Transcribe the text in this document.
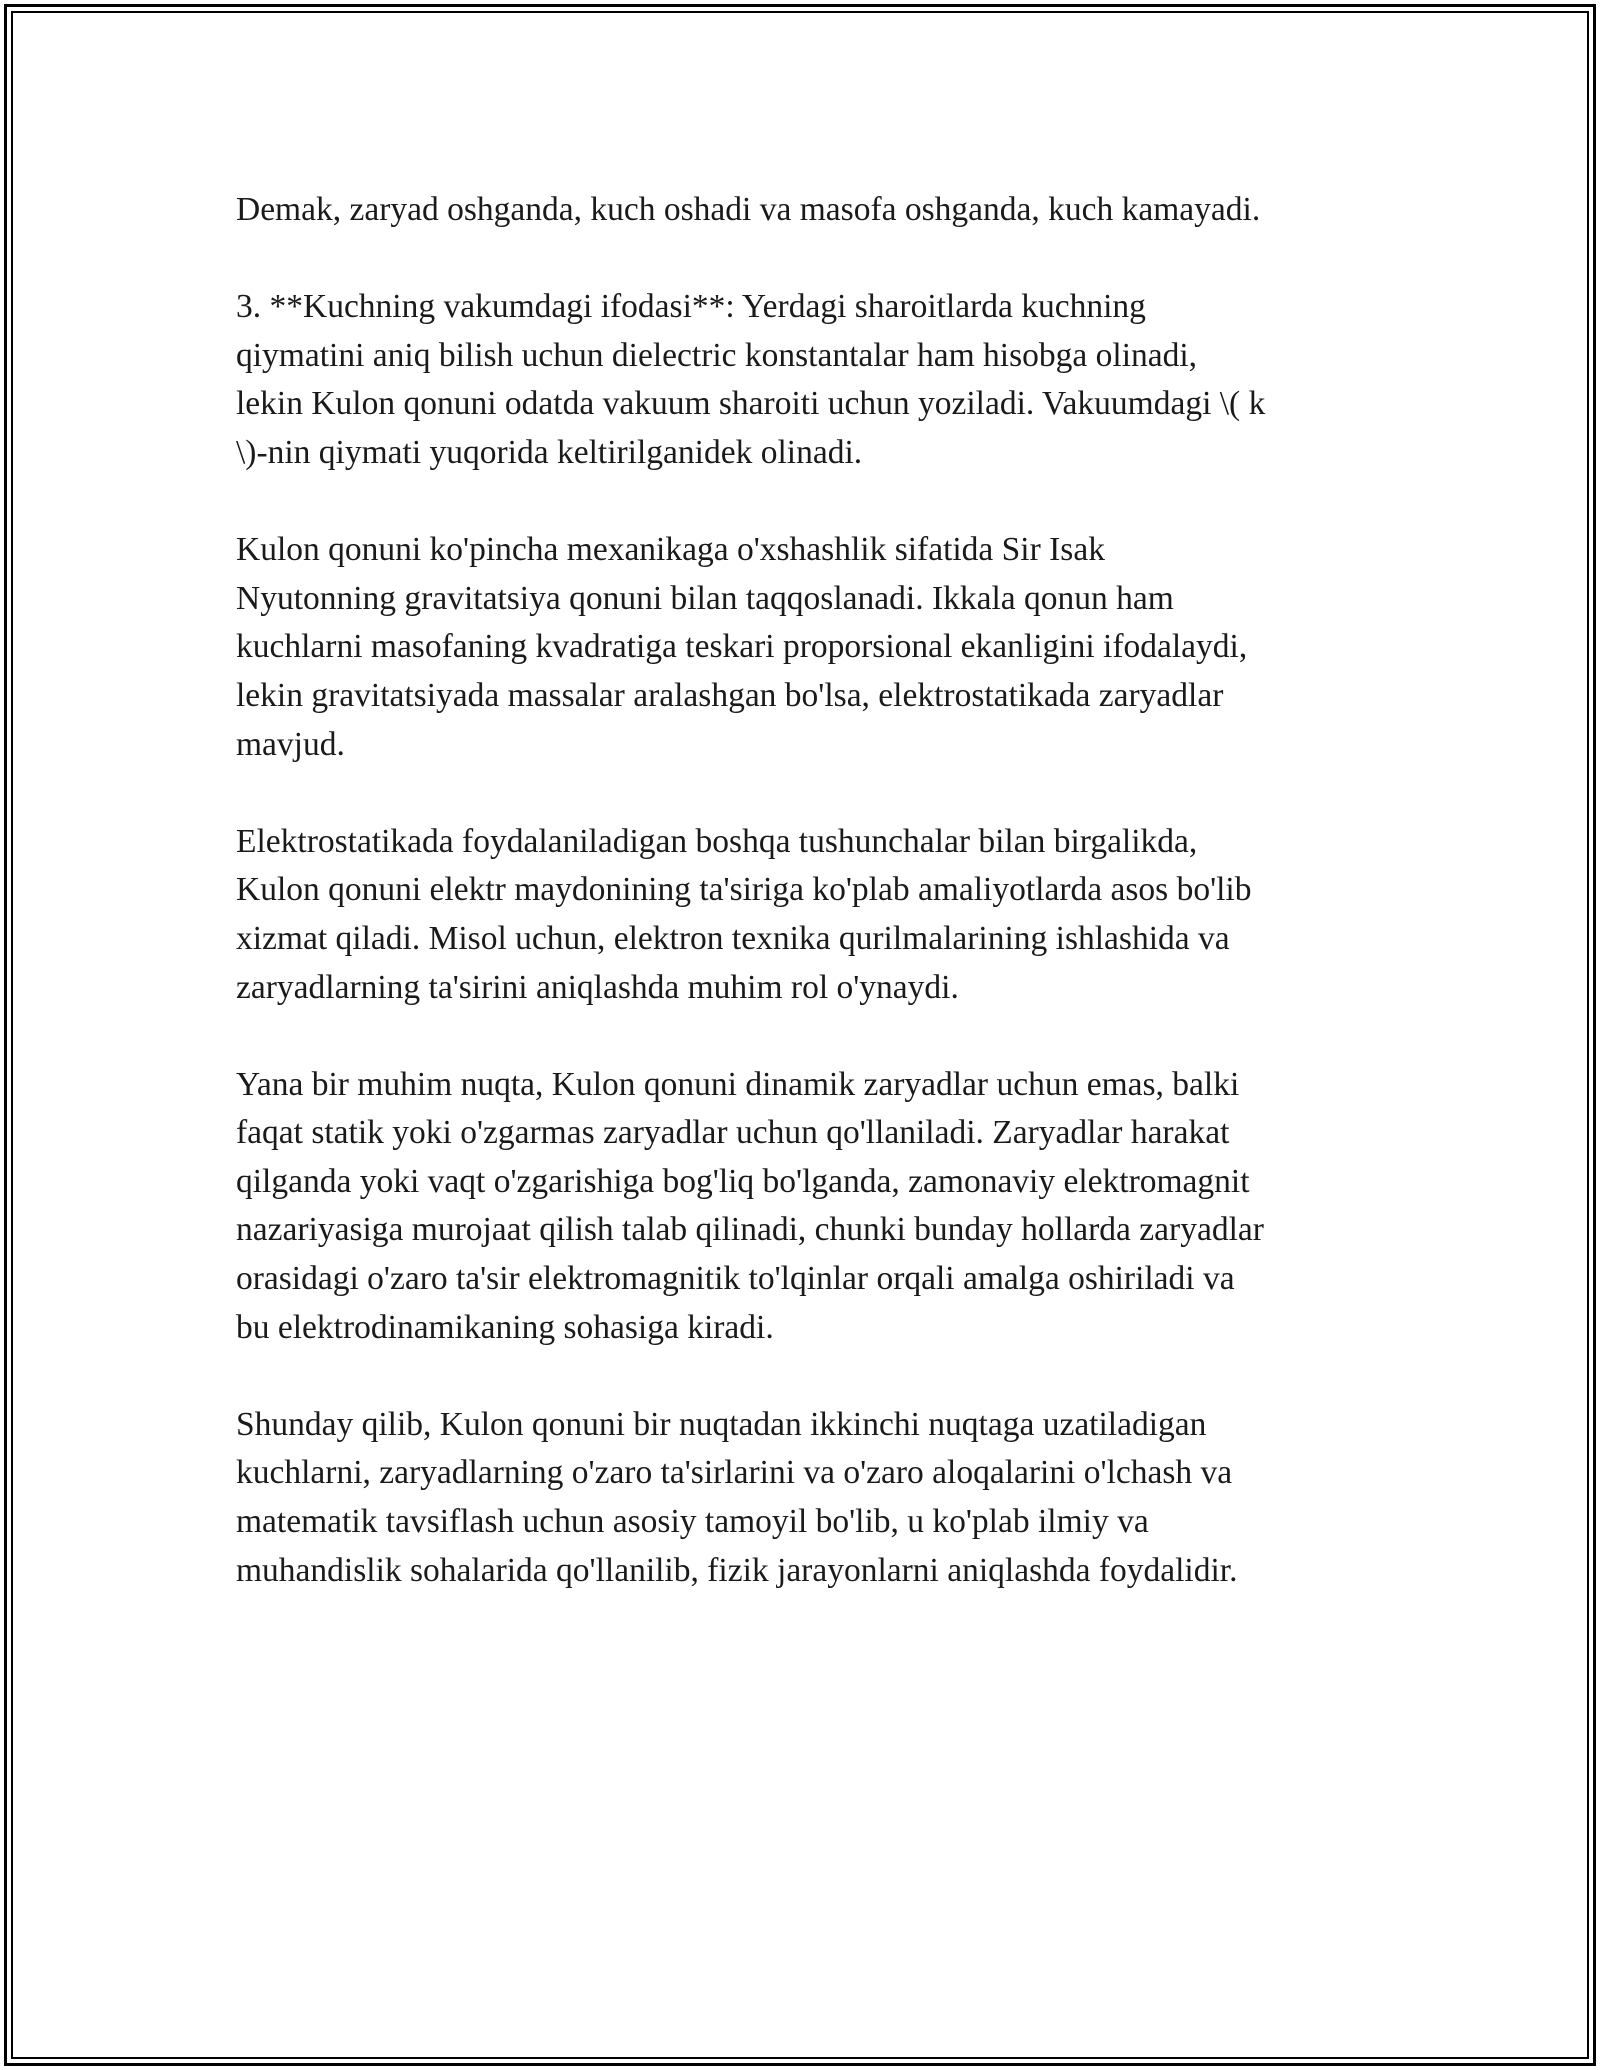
Demak, zaryad oshganda, kuch oshadi va masofa oshganda, kuch kamayadi.

3. **Kuchning vakumdagi ifodasi**: Yerdagi sharoitlarda kuchning
qiymatini aniq bilish uchun dielectric konstantalar ham hisobga olinadi,
lekin Kulon qonuni odatda vakuum sharoiti uchun yoziladi. Vakuumdagi \( k
\)-nin qiymati yuqorida keltirilganidek olinadi.

Kulon qonuni ko'pincha mexanikaga o'xshashlik sifatida Sir Isak
Nyutonning gravitatsiya qonuni bilan taqqoslanadi. Ikkala qonun ham
kuchlarni masofaning kvadratiga teskari proporsional ekanligini ifodalaydi,
lekin gravitatsiyada massalar aralashgan bo'lsa, elektrostatikada zaryadlar
mavjud.

Elektrostatikada foydalaniladigan boshqa tushunchalar bilan birgalikda,
Kulon qonuni elektr maydonining ta'siriga ko'plab amaliyotlarda asos bo'lib
xizmat qiladi. Misol uchun, elektron texnika qurilmalarining ishlashida va
zaryadlarning ta'sirini aniqlashda muhim rol o'ynaydi.

Yana bir muhim nuqta, Kulon qonuni dinamik zaryadlar uchun emas, balki
faqat statik yoki o'zgarmas zaryadlar uchun qo'llaniladi. Zaryadlar harakat
qilganda yoki vaqt o'zgarishiga bog'liq bo'lganda, zamonaviy elektromagnit
nazariyasiga murojaat qilish talab qilinadi, chunki bunday hollarda zaryadlar
orasidagi o'zaro ta'sir elektromagnitik to'lqinlar orqali amalga oshiriladi va
bu elektrodinamikaning sohasiga kiradi.

Shunday qilib, Kulon qonuni bir nuqtadan ikkinchi nuqtaga uzatiladigan
kuchlarni, zaryadlarning o'zaro ta'sirlarini va o'zaro aloqalarini o'lchash va
matematik tavsiflash uchun asosiy tamoyil bo'lib, u ko'plab ilmiy va
muhandislik sohalarida qo'llanilib, fizik jarayonlarni aniqlashda foydalidir.
